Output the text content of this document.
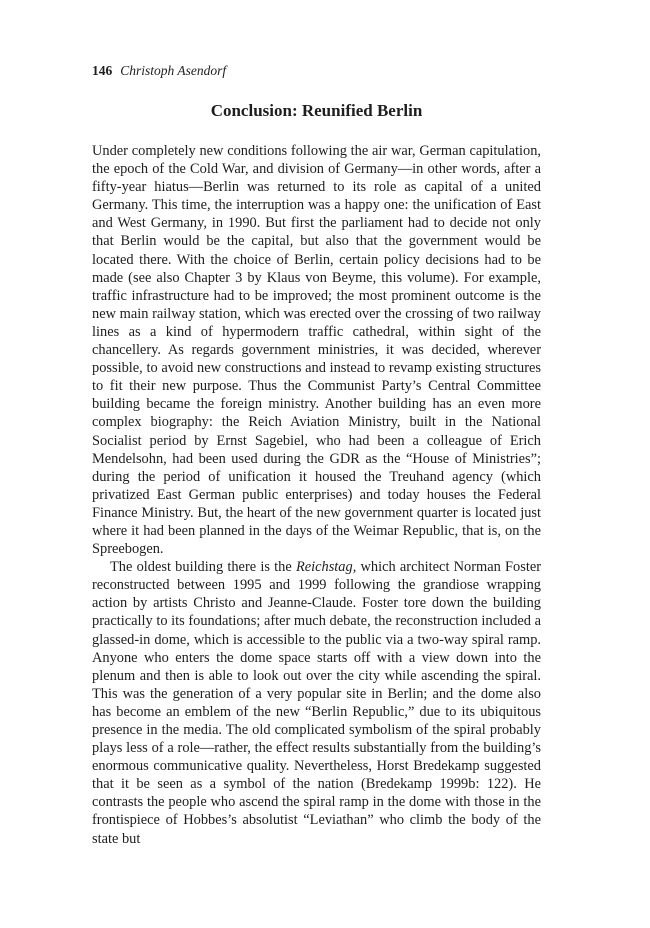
146 Christoph Asendorf
Conclusion: Reunified Berlin

Under completely new conditions following the air war, German capitulation, the epoch of the Cold War, and division of Germany—in other words, after a fifty-year hiatus—Berlin was returned to its role as capital of a united Germany. This time, the interruption was a happy one: the unification of East and West Germany, in 1990. But first the parliament had to decide not only that Berlin would be the capital, but also that the government would be located there. With the choice of Berlin, certain policy decisions had to be made (see also Chapter 3 by Klaus von Beyme, this volume). For example, traffic infrastructure had to be improved; the most prominent outcome is the new main railway station, which was erected over the crossing of two railway lines as a kind of hypermodern traffic cathedral, within sight of the chancellery. As regards government ministries, it was decided, wherever possible, to avoid new constructions and instead to revamp existing structures to fit their new purpose. Thus the Communist Party’s Central Committee building became the foreign ministry. Another building has an even more complex biography: the Reich Aviation Ministry, built in the National Socialist period by Ernst Sagebiel, who had been a colleague of Erich Mendelsohn, had been used during the GDR as the “House of Ministries”; during the period of unification it housed the Treuhand agency (which privatized East German public enterprises) and today houses the Federal Finance Ministry. But, the heart of the new government quarter is located just where it had been planned in the days of the Weimar Republic, that is, on the Spreebogen.

The oldest building there is the Reichstag, which architect Norman Foster reconstructed between 1995 and 1999 following the grandiose wrapping action by artists Christo and Jeanne-Claude. Foster tore down the building practically to its foundations; after much debate, the reconstruction included a glassed-in dome, which is accessible to the public via a two-way spiral ramp. Anyone who enters the dome space starts off with a view down into the plenum and then is able to look out over the city while ascending the spiral. This was the generation of a very popular site in Berlin; and the dome also has become an emblem of the new “Berlin Republic,” due to its ubiquitous presence in the media. The old complicated symbolism of the spiral probably plays less of a role—rather, the effect results substantially from the building’s enormous communicative quality. Nevertheless, Horst Bredekamp suggested that it be seen as a symbol of the nation (Bredekamp 1999b: 122). He contrasts the people who ascend the spiral ramp in the dome with those in the frontispiece of Hobbes’s absolutist “Leviathan” who climb the body of the state but
